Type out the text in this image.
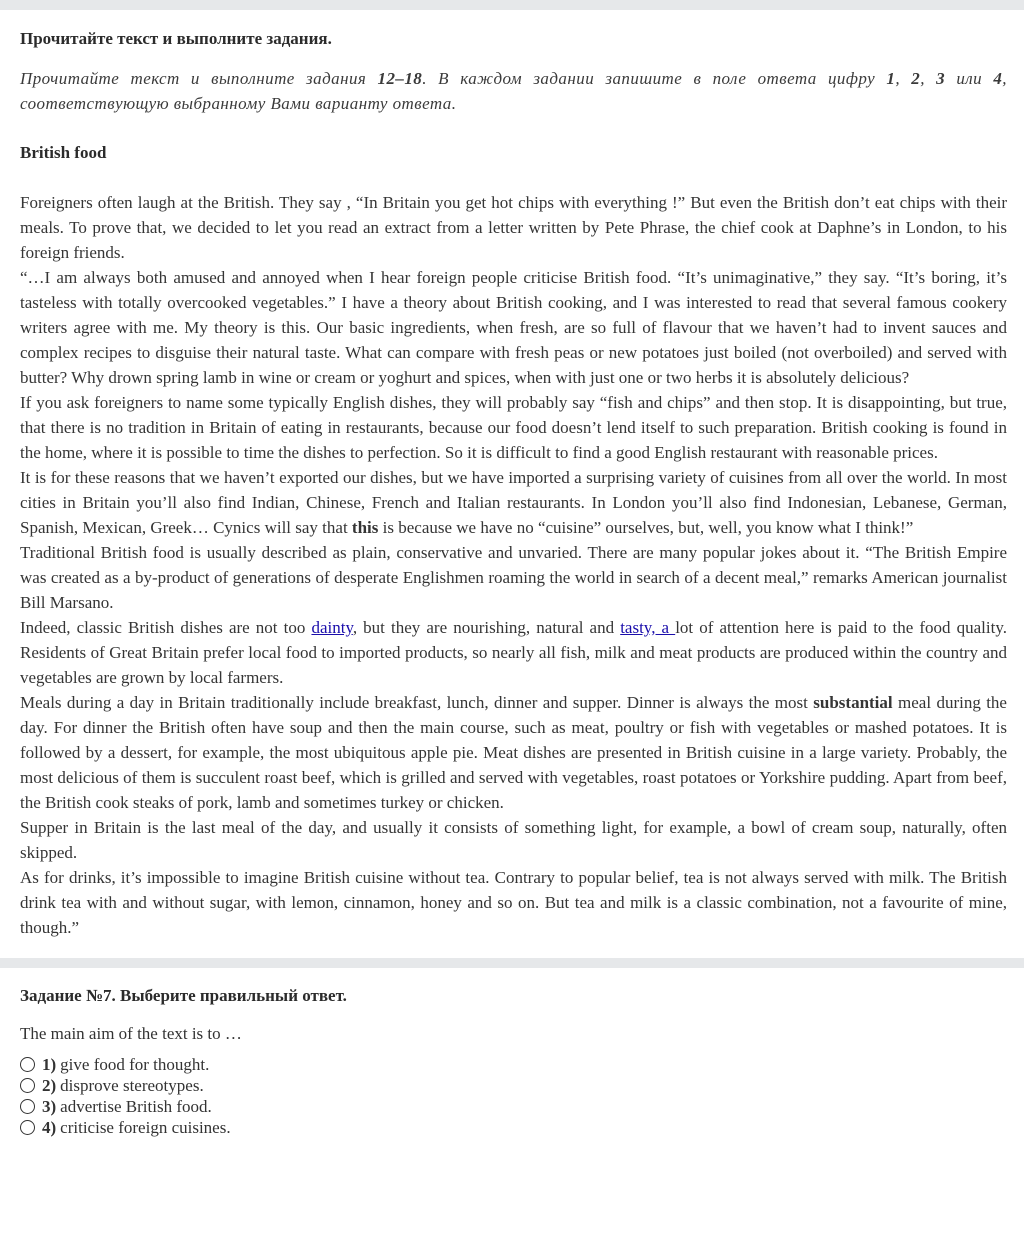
Прочитайте текст и выполните задания.

Прочитайте текст и выполните задания 12–18. В каждом задании запишите в поле ответа цифру 1, 2, 3 или 4, соответствующую выбранному Вами варианту ответа.

British food

Foreigners often laugh at the British. They say , “In Britain you get hot chips with everything !” But even the British don’t eat chips with their meals. To prove that, we decided to let you read an extract from a letter written by Pete Phrase, the chief cook at Daphne’s in London, to his foreign friends.

“…I am always both amused and annoyed when I hear foreign people criticise British food. “It’s unimaginative,” they say. “It’s boring, it’s tasteless with totally overcooked vegetables.” I have a theory about British cooking, and I was interested to read that several famous cookery writers agree with me. My theory is this. Our basic ingredients, when fresh, are so full of flavour that we haven’t had to invent sauces and complex recipes to disguise their natural taste. What can compare with fresh peas or new potatoes just boiled (not overboiled) and served with butter? Why drown spring lamb in wine or cream or yoghurt and spices, when with just one or two herbs it is absolutely delicious?

If you ask foreigners to name some typically English dishes, they will probably say “fish and chips” and then stop. It is disappointing, but true, that there is no tradition in Britain of eating in restaurants, because our food doesn’t lend itself to such preparation. British cooking is found in the home, where it is possible to time the dishes to perfection. So it is difficult to find a good English restaurant with reasonable prices.

It is for these reasons that we haven’t exported our dishes, but we have imported a surprising variety of cuisines from all over the world. In most cities in Britain you’ll also find Indian, Chinese, French and Italian restaurants. In London you’ll also find Indonesian, Lebanese, German, Spanish, Mexican, Greek… Cynics will say that this is because we have no “cuisine” ourselves, but, well, you know what I think!”

Traditional British food is usually described as plain, conservative and unvaried. There are many popular jokes about it. “The British Empire was created as a by-product of generations of desperate Englishmen roaming the world in search of a decent meal,” remarks American journalist Bill Marsano.

Indeed, classic British dishes are not too dainty, but they are nourishing, natural and tasty, a lot of attention here is paid to the food quality. Residents of Great Britain prefer local food to imported products, so nearly all fish, milk and meat products are produced within the country and vegetables are grown by local farmers.

Meals during a day in Britain traditionally include breakfast, lunch, dinner and supper. Dinner is always the most substantial meal during the day. For dinner the British often have soup and then the main course, such as meat, poultry or fish with vegetables or mashed potatoes. It is followed by a dessert, for example, the most ubiquitous apple pie. Meat dishes are presented in British cuisine in a large variety. Probably, the most delicious of them is succulent roast beef, which is grilled and served with vegetables, roast potatoes or Yorkshire pudding. Apart from beef, the British cook steaks of pork, lamb and sometimes turkey or chicken.

Supper in Britain is the last meal of the day, and usually it consists of something light, for example, a bowl of cream soup, naturally, often skipped.

As for drinks, it’s impossible to imagine British cuisine without tea. Contrary to popular belief, tea is not always served with milk. The British drink tea with and without sugar, with lemon, cinnamon, honey and so on. But tea and milk is a classic combination, not a favourite of mine, though.”

Задание №7. Выберите правильный ответ.

The main aim of the text is to …

1) give food for thought.
2) disprove stereotypes.
3) advertise British food.
4) criticise foreign cuisines.
